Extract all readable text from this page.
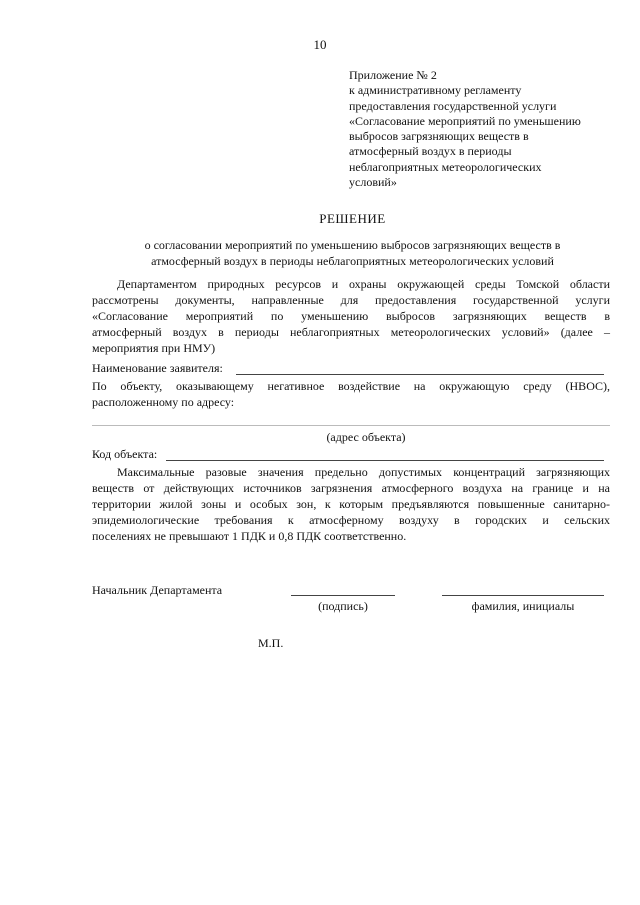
10
Приложение № 2
к административному регламенту
предоставления государственной услуги
«Согласование мероприятий по уменьшению
выбросов загрязняющих веществ в
атмосферный воздух в периоды
неблагоприятных метеорологических
условий»
РЕШЕНИЕ
о согласовании мероприятий по уменьшению выбросов загрязняющих веществ в
атмосферный воздух в периоды неблагоприятных метеорологических условий
Департаментом природных ресурсов и охраны окружающей среды Томской области
рассмотрены документы, направленные для предоставления государственной услуги
«Согласование мероприятий по уменьшению выбросов загрязняющих веществ в
атмосферный воздух в периоды неблагоприятных метеорологических условий» (далее –
мероприятия при НМУ)
Наименование заявителя:
По объекту, оказывающему негативное воздействие на окружающую среду (НВОС),
расположенному по адресу:
(адрес объекта)
Код объекта:
Максимальные разовые значения предельно допустимых концентраций загрязняющих
веществ от действующих источников загрязнения атмосферного воздуха на границе и на
территории жилой зоны и особых зон, к которым предъявляются повышенные санитарно-
эпидемиологические требования к атмосферному воздуху в городских и сельских
поселениях не превышают 1 ПДК и 0,8 ПДК соответственно.
Начальник Департамента
(подпись)	фамилия, инициалы
М.П.
